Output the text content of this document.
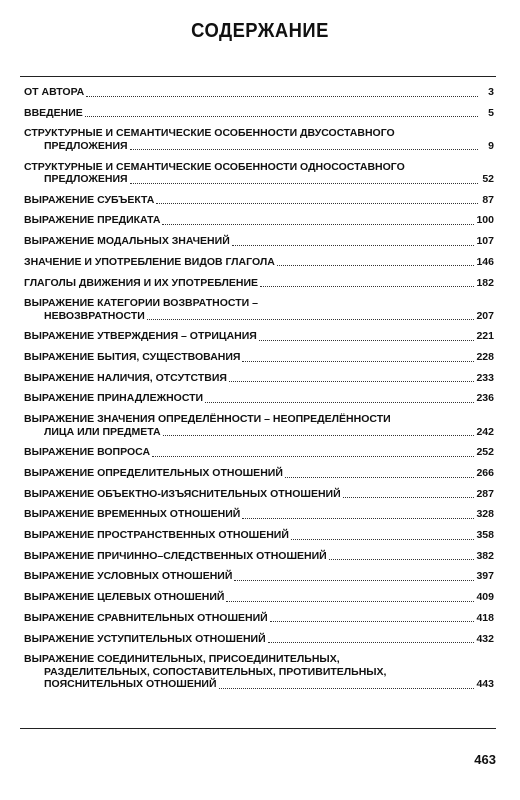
СОДЕРЖАНИЕ
ОТ АВТОРА	3
ВВЕДЕНИЕ	5
СТРУКТУРНЫЕ И СЕМАНТИЧЕСКИЕ ОСОБЕННОСТИ ДВУСОСТАВНОГО
ПРЕДЛОЖЕНИЯ	9
СТРУКТУРНЫЕ И СЕМАНТИЧЕСКИЕ ОСОБЕННОСТИ ОДНОСОСТАВНОГО
ПРЕДЛОЖЕНИЯ	52
ВЫРАЖЕНИЕ СУБЪЕКТА	87
ВЫРАЖЕНИЕ ПРЕДИКАТА	100
ВЫРАЖЕНИЕ МОДАЛЬНЫХ ЗНАЧЕНИЙ	107
ЗНАЧЕНИЕ И УПОТРЕБЛЕНИЕ ВИДОВ ГЛАГОЛА	146
ГЛАГОЛЫ ДВИЖЕНИЯ И ИХ УПОТРЕБЛЕНИЕ	182
ВЫРАЖЕНИЕ КАТЕГОРИИ ВОЗВРАТНОСТИ –
НЕВОЗВРАТНОСТИ	207
ВЫРАЖЕНИЕ УТВЕРЖДЕНИЯ – ОТРИЦАНИЯ	221
ВЫРАЖЕНИЕ БЫТИЯ, СУЩЕСТВОВАНИЯ	228
ВЫРАЖЕНИЕ НАЛИЧИЯ, ОТСУТСТВИЯ	233
ВЫРАЖЕНИЕ ПРИНАДЛЕЖНОСТИ	236
ВЫРАЖЕНИЕ ЗНАЧЕНИЯ ОПРЕДЕЛЁННОСТИ – НЕОПРЕДЕЛЁННОСТИ
ЛИЦА ИЛИ ПРЕДМЕТА	242
ВЫРАЖЕНИЕ ВОПРОСА	252
ВЫРАЖЕНИЕ ОПРЕДЕЛИТЕЛЬНЫХ ОТНОШЕНИЙ	266
ВЫРАЖЕНИЕ ОБЪЕКТНО-ИЗЪЯСНИТЕЛЬНЫХ ОТНОШЕНИЙ	287
ВЫРАЖЕНИЕ ВРЕМЕННЫХ ОТНОШЕНИЙ	328
ВЫРАЖЕНИЕ ПРОСТРАНСТВЕННЫХ ОТНОШЕНИЙ	358
ВЫРАЖЕНИЕ ПРИЧИННО–СЛЕДСТВЕННЫХ ОТНОШЕНИЙ	382
ВЫРАЖЕНИЕ УСЛОВНЫХ ОТНОШЕНИЙ	397
ВЫРАЖЕНИЕ ЦЕЛЕВЫХ ОТНОШЕНИЙ	409
ВЫРАЖЕНИЕ СРАВНИТЕЛЬНЫХ ОТНОШЕНИЙ	418
ВЫРАЖЕНИЕ УСТУПИТЕЛЬНЫХ ОТНОШЕНИЙ	432
ВЫРАЖЕНИЕ СОЕДИНИТЕЛЬНЫХ, ПРИСОЕДИНИТЕЛЬНЫХ,
РАЗДЕЛИТЕЛЬНЫХ, СОПОСТАВИТЕЛЬНЫХ, ПРОТИВИТЕЛЬНЫХ,
ПОЯСНИТЕЛЬНЫХ ОТНОШЕНИЙ	443
463
